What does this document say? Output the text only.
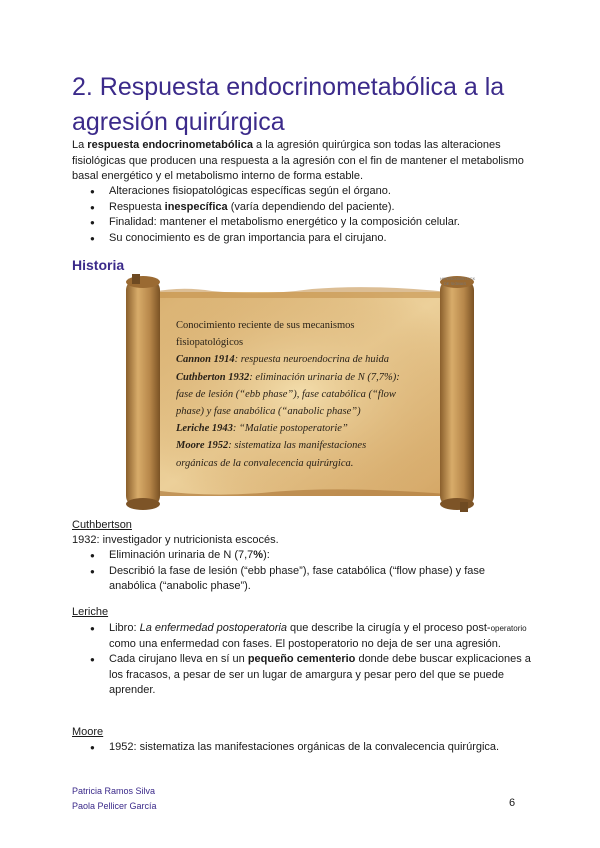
2. Respuesta endocrinometabólica a la agresión quirúrgica

La respuesta endocrinometabólica a la agresión quirúrgica son todas las alteraciones fisiológicas que producen una respuesta a la agresión con el fin de mantener el metabolismo basal energético y el metabolismo interno de forma estable.

● Alteraciones fisiopatológicas específicas según el órgano.
● Respuesta inespecífica (varía dependiendo del paciente).
● Finalidad: mantener el metabolismo energético y la composición celular.
● Su conocimiento es de gran importancia para el cirujano.
Historia
HIPERCOMSTOCK DE SIGMAS

Conocimiento reciente de sus mecanismos

fisiopatológicos

Cannon 1914: respuesta neuroendocrina de huida

Cuthberton 1932: eliminación urinaria de N (7,7%):

fase de lesión (“ebb phase”), fase catabólica (“flow

phase) y fase anabólica (“anabolic phase”)

Leriche 1943: “Malatie postoperatorie”

Moore 1952: sistematiza las manifestaciones

orgánicas de la convalecencia quirúrgica.

Cuthbertson

1932: investigador y nutricionista escocés.

● Eliminación urinaria de N (7,7%):
● Describió la fase de lesión (“ebb phase”), fase catabólica (“flow phase) y fase anabólica (“anabolic phase”).

Leriche

● Libro: La enfermedad postoperatoria que describe la cirugía y el proceso post-operatorio como una enfermedad con fases. El postoperatorio no deja de ser una agresión.
● Cada cirujano lleva en sí un pequeño cementerio donde debe buscar explicaciones a los fracasos, a pesar de ser un lugar de amargura y pesar pero del que se puede aprender.

Moore

● 1952: sistematiza las manifestaciones orgánicas de la convalecencia quirúrgica.
Patricia Ramos Silva
Paola Pellicer García	6
